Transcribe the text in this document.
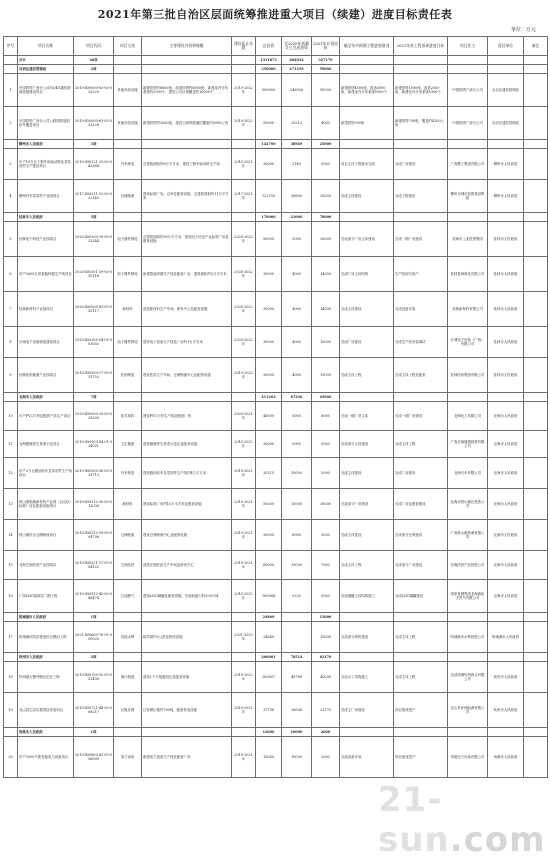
2021年第三批自治区层面统筹推进重大项目（续建）进度目标责任表
单位：万元
序号	项目名称	项目代码	项目分类	主要建设内容和规模	建设起止年限	总投资	至2020年底累计已完成投资	2021年计划投资	截至年中预期工程进展情况	2021年底工程形象进度目标	项目业主	责任单位	备注
	合计	26项				1311873	484922	327170					
	自治区通信管理局	2项				350000	271239	59000					
1	中国铁塔广西分公司5G/4G通信基础设施建设项目	2019-450000-63-03-033225	其他市政设施	新建铁塔约8000座，改造铁塔约8000座，新建室内分布系统约2000个，建设公共区域覆盖约10000个	2019-2022年	300000	246926	55000	新建铁塔4500座，改造5000座，新建室内分布系统1000个	新建铁塔1500座，改造2000座，新建室内分布系统1500个	中国铁塔广西分公司	自治区通信管理局	
2	中国铁塔广西分公司公路铁路通信信号覆盖项目	2019-450000-63-03-033228	其他市政设施	新建铁塔约3000座，建设公路铁路通信覆盖约5000公里	2019-2022年	50000	25213	4000	新建铁塔300座	新建铁塔700座，覆盖约4200公里	中国铁塔广西分公司	自治区通信管理局	
	柳州市人民政府	3项				142700	38949	25000					
3	年产10万台工程车用驱动桥及其零部件生产建设项目	2019-450221-29-03-042364	汽车制造	总建筑面积约8万平方米，建设工程车驱动桥生产线	2019-2021年	20000	2149	5000	项目主体工程基本完成	完成厂房建设	广西柳工集团有限公司	柳州市人民政府	
4	柳州汽车零部件产业园项目	2017-450211-52-03-022145	仓储物流	建设标准厂房、仓库及配套设施，总建筑面积约11万平方米	2017-2021年	122700	36800	20000	完成主体建设	完成工程建设	柳州市城市投资建设集团	柳州市人民政府	
	桂林市人民政府	5项				170000	21000	78000					
5	桂林电子科技产业园项目	2020-450300-39-03-032244	电子器件制造	总建筑面积约30万平方米，建设电子信息产业标准厂房及配套设施	2020-2022年	50000	5000	20000	完成部分厂房主体建设	完成一期厂房建设	桂林市工业投资集团	桂林市人民政府	
6	年产5000万套智能终端生产线项目	2020-450301-39-03-050118	电子器件制造	新建智能终端生产线及配套厂房，建筑面积约5万平方米	2020-2022年	30000	4000	14000	完成厂房主体结构	生产线部分投产	桂林智神科技有限公司	桂林市人民政府	
7	桂林新材料产业园项目	2020-450300-41-03-050117	新材料	建设新材料生产车间、研发中心及配套设施	2020-2022年	30000	4000	14000	完成主体建设	完成设备安装	桂林新材料有限公司	桂林市人民政府	
8	长城电子设备制造建设项目	2020-450305-04-01-003003	电子器件制造	建设电子设备生产线及厂房约3万平方米	2020-2022年	30000	4000	15000	完成厂房建设	完成生产线安装调试	长城电子设备（广西）有限公司	桂林市人民政府	
9	桂林医药健康产业园项目	2019-450300-27-03-031753	医药制造	建设医药生产车间、仓储物流中心及配套设施	2019-2022年	30000	4000	15000	完成主体工程	完成主体工程及配套	桂林医药集团有限公司	桂林市人民政府	
	北海市人民政府	7项				411202	67220	45000					
10	年产PVC片材及配套产品生产项目	2020-450500-29-03-033005	化学原料	建设PVC片材生产线及配套厂房	2020-2021年	40000	5000	8000	完成一期厂房主体	完成一期厂房建设	北海化工有限公司	北海市人民政府	
11	北海健康养生养老示范项目	2019-450503-84-01-034021	卫生健康	建设健康养生养老示范区及配套设施	2019-2022年	20000	5000	5000	完成部分主体建设	完成主体工程	广西北海健康投资有限公司	北海市人民政府	
12	年产2万台燃油机车及零部件生产线项目	2019-450500-36-03-029713	汽车制造	建设燃油机车及零部件生产线约4万平方米	2019-2021年	30215	10000	5000	完成主体建设	完成厂房建设	北海汽车有限公司	北海市人民政府	
13	铁山港临港新材料产业园（启动区）标准厂房及配套设施项目	2019-450512-30-03-013036	新材料	建设标准厂房约10万平方米及配套设施	2019-2021年	50000	15000	10000	完成部分厂房建设	完成厂房及配套建设	北海市铁山港区投资公司	北海市人民政府	
14	铁山港综合仓储物流项目	2019-450512-59-03-004706	仓储物流	建设仓储物流中心及配套设施	2019-2021年	30000	8000	5000	完成主体建设	完成部分仓库建设	广西铁山港物流有限公司	北海市人民政府	
15	北海生物医药产业园项目	2019-450521-27-03-004122	生物医药	建设生物医药生产车间及研发中心	2019-2021年	60000	15000	7000	完成主体工程	完成部分厂房建设	北海医药产业投资公司	北海市人民政府	
16	广西LNG接收站二期工程	2019-450512-45-03-040474	石油燃气	建设LNG储罐及配套设施，年接收能力约300万吨	2019-2022年	180984	9220	5000	完成储罐主体结构施工	完成LNG储罐建设	国家管网集团北海液化天然气有限公司	北海市人民政府	
	防城港市人民政府	1项				24969		15000					
17	防城港市防洪排涝综合整治工程	2021-450600-76-01-050025	其他水利	防洪堤约5公里及排涝设施	2021-2023年	24969		15000	完成部分堤防建设	完成主体工程	防城港市水利投资公司	防城港市人民政府	
	钦州市人民政府	2项				200001	78514	62170					
18	钦州港大榄坪港区泊位工程	2019-450700-55-03-053438	港口航道	建设1个万吨级泊位及配套设施	2019-2022年	163007	49788	40000	完成水工结构施工	完成主体工程	北部湾港钦州码头有限公司	钦州市人民政府	
19	灵山县生活垃圾焚烧发电项目	2019-450721-44-02-008217	垃圾处理	日处理垃圾约700吨，配套发电设施	2019-2021年	37734	28934	22170	完成主厂房建设	项目建成投产	灵山县环保能源有限公司	钦州市人民政府	
	贵港市人民政府	1项				12000	10000	2000					
20	年产3500千焦智能电力设备项目	2019-450800-41-03-006500	电力设备	新建电力设备生产线及配套厂房	2019-2021年	12000	10000	2000	完成设备安装	项目建成投产	贵港电力设备有限公司	贵港市人民政府	
21-sun.com
